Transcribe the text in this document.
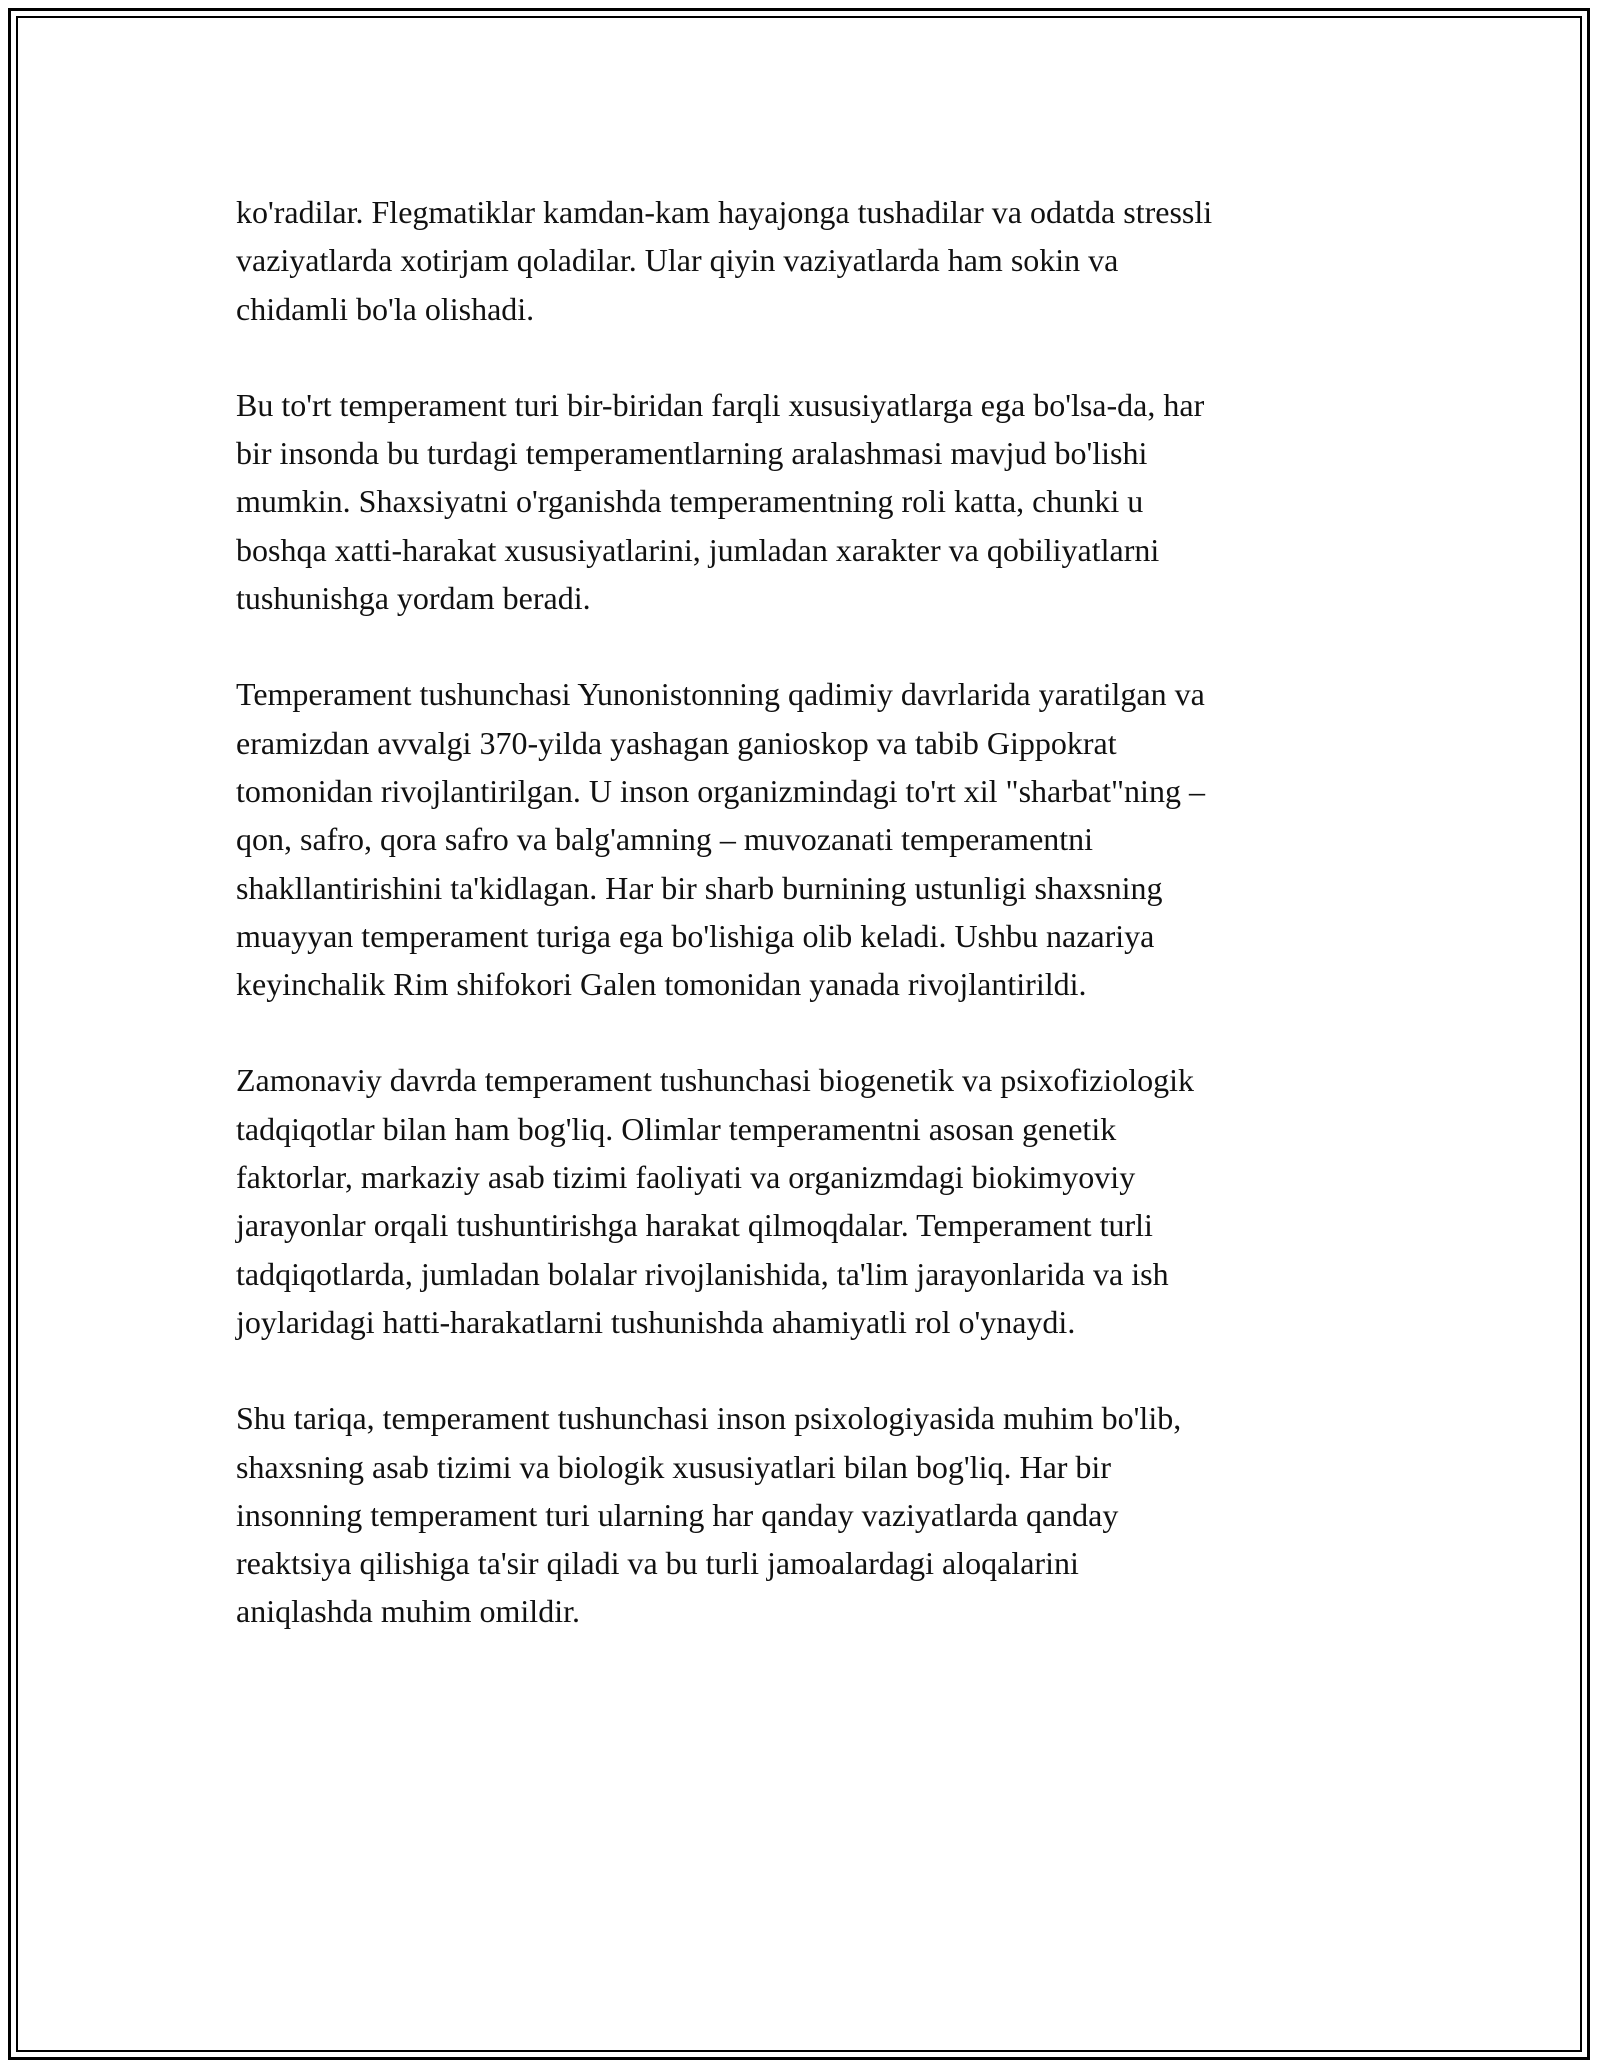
ko'radilar. Flegmatiklar kamdan-kam hayajonga tushadilar va odatda stressli
vaziyatlarda xotirjam qoladilar. Ular qiyin vaziyatlarda ham sokin va
chidamli bo'la olishadi.

Bu to'rt temperament turi bir-biridan farqli xususiyatlarga ega bo'lsa-da, har
bir insonda bu turdagi temperamentlarning aralashmasi mavjud bo'lishi
mumkin. Shaxsiyatni o'rganishda temperamentning roli katta, chunki u
boshqa xatti-harakat xususiyatlarini, jumladan xarakter va qobiliyatlarni
tushunishga yordam beradi.

Temperament tushunchasi Yunonistonning qadimiy davrlarida yaratilgan va
eramizdan avvalgi 370-yilda yashagan ganioskop va tabib Gippokrat
tomonidan rivojlantirilgan. U inson organizmindagi to'rt xil "sharbat"ning –
qon, safro, qora safro va balg'amning – muvozanati temperamentni
shakllantirishini ta'kidlagan. Har bir sharb burnining ustunligi shaxsning
muayyan temperament turiga ega bo'lishiga olib keladi. Ushbu nazariya
keyinchalik Rim shifokori Galen tomonidan yanada rivojlantirildi.

Zamonaviy davrda temperament tushunchasi biogenetik va psixofiziologik
tadqiqotlar bilan ham bog'liq. Olimlar temperamentni asosan genetik
faktorlar, markaziy asab tizimi faoliyati va organizmdagi biokimyoviy
jarayonlar orqali tushuntirishga harakat qilmoqdalar. Temperament turli
tadqiqotlarda, jumladan bolalar rivojlanishida, ta'lim jarayonlarida va ish
joylaridagi hatti-harakatlarni tushunishda ahamiyatli rol o'ynaydi.

Shu tariqa, temperament tushunchasi inson psixologiyasida muhim bo'lib,
shaxsning asab tizimi va biologik xususiyatlari bilan bog'liq. Har bir
insonning temperament turi ularning har qanday vaziyatlarda qanday
reaktsiya qilishiga ta'sir qiladi va bu turli jamoalardagi aloqalarini
aniqlashda muhim omildir.
